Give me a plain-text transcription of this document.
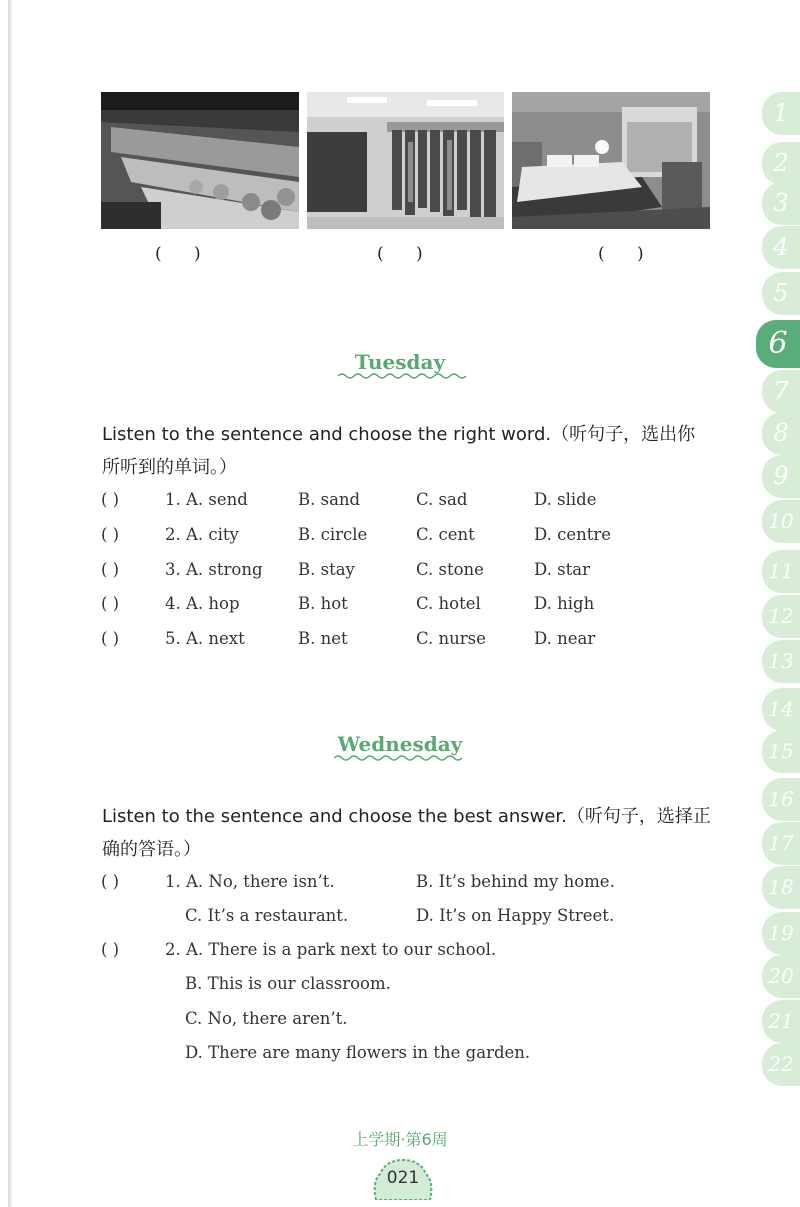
(      )	(      )	(      )
Tuesday
Listen to the sentence and choose the right word.（听句子，选出你所听到的单词。）
( )	1. A. send	B. sand	C. sad	D. slide
( )	2. A. city	B. circle	C. cent	D. centre
( )	3. A. strong B. stay	C. stone	D. star
( )	4. A. hop	B. hot	C. hotel	D. high
( )	5. A. next	B. net	C. nurse	D. near
Wednesday
Listen to the sentence and choose the best answer.（听句子，选择正确的答语。）
( )	1. A. No, there isn’t.	B. It’s behind my home.
C. It’s a restaurant.	D. It’s on Happy Street.
( )	2. A. There is a park next to our school.
B. This is our classroom.
C. No, there aren’t.
D. There are many flowers in the garden.
1
2
3
4
5
6
7
8
9
10
11
12
13
14
15
16
17
18
19
20
21
22
上学期·第6周
021
